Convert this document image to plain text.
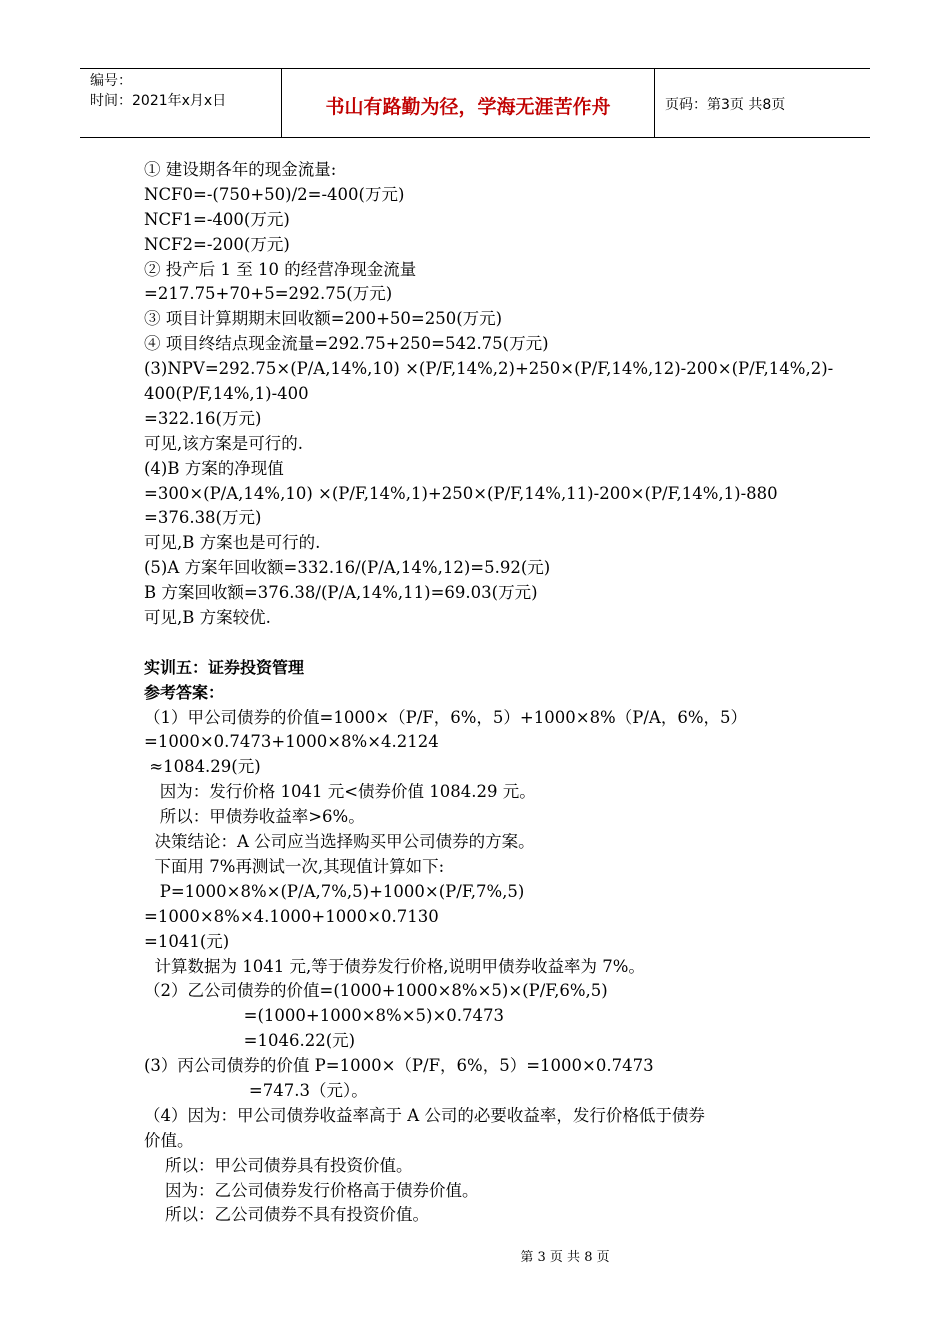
编号：
时间：2021年x月x日	书山有路勤为径，学海无涯苦作舟	页码：第3页 共8页
① 建设期各年的现金流量:
NCF0=-(750+50)/2=-400(万元)
NCF1=-400(万元)
NCF2=-200(万元)
② 投产后 1 至 10 的经营净现金流量
=217.75+70+5=292.75(万元)
③ 项目计算期期末回收额=200+50=250(万元)
④ 项目终结点现金流量=292.75+250=542.75(万元)
(3)NPV=292.75×(P/A,14%,10) ×(P/F,14%,2)+250×(P/F,14%,12)-200×(P/F,14%,2)-
400(P/F,14%,1)-400
=322.16(万元)
可见,该方案是可行的.
(4)B 方案的净现值
=300×(P/A,14%,10) ×(P/F,14%,1)+250×(P/F,14%,11)-200×(P/F,14%,1)-880
=376.38(万元)
可见,B 方案也是可行的.
(5)A 方案年回收额=332.16/(P/A,14%,12)=5.92(元)
B 方案回收额=376.38/(P/A,14%,11)=69.03(万元)
可见,B 方案较优.
实训五：证券投资管理
参考答案：
（1）甲公司债券的价值=1000×（P/F，6%，5）+1000×8%（P/A，6%，5）
=1000×0.7473+1000×8%×4.2124
≈1084.29(元)
因为：发行价格 1041 元<债券价值 1084.29 元。
所以：甲债券收益率>6%。
决策结论：A 公司应当选择购买甲公司债券的方案。
下面用 7%再测试一次,其现值计算如下:
P=1000×8%×(P/A,7%,5)+1000×(P/F,7%,5)
=1000×8%×4.1000+1000×0.7130
=1041(元)
计算数据为 1041 元,等于债券发行价格,说明甲债券收益率为 7%。
（2）乙公司债券的价值=(1000+1000×8%×5)×(P/F,6%,5)
=(1000+1000×8%×5)×0.7473
=1046.22(元)
(3）丙公司债券的价值 P=1000×（P/F，6%，5）=1000×0.7473
=747.3（元）。
（4）因为：甲公司债券收益率高于 A 公司的必要收益率，发行价格低于债券
价值。
所以：甲公司债券具有投资价值。
因为：乙公司债券发行价格高于债券价值。
所以：乙公司债券不具有投资价值。
第 3 页 共 8 页
